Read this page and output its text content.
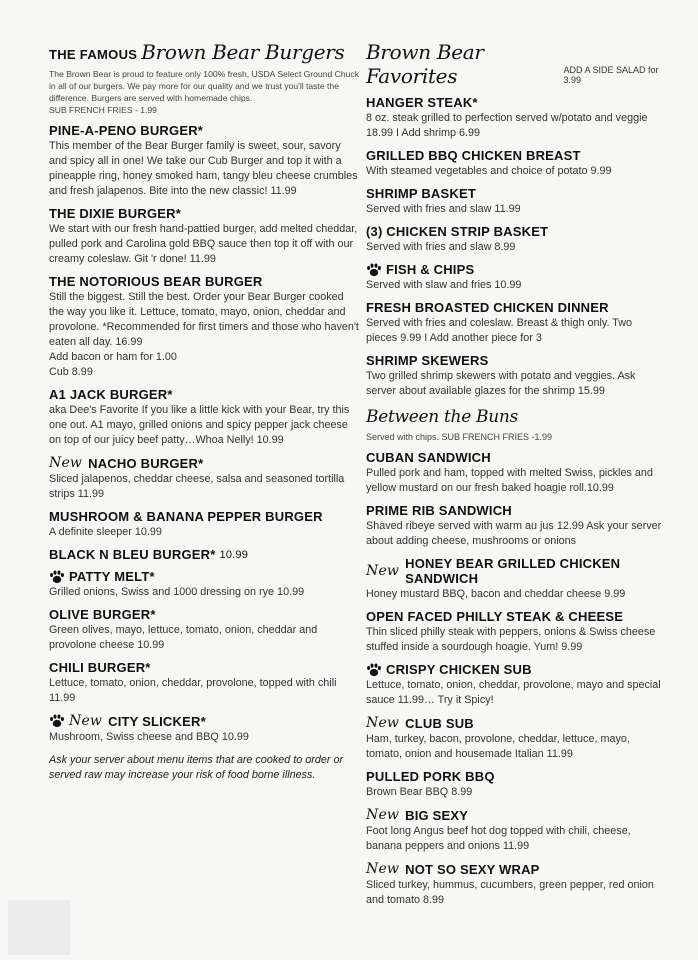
THE FAMOUS Brown Bear Burgers
The Brown Bear is proud to feature only 100% fresh, USDA Select Ground Chuck in all of our burgers. We pay more for our quality and we trust you'll taste the difference. Burgers are served with homemade chips.
SUB FRENCH FRIES - 1.99
PINE-A-PENO BURGER*
This member of the Bear Burger family is sweet, sour, savory and spicy all in one! We take our Cub Burger and top it with a pineapple ring, honey smoked ham, tangy bleu cheese crumbles and fresh jalapenos. Bite into the new classic! 11.99
THE DIXIE BURGER*
We start with our fresh hand-pattied burger, add melted cheddar, pulled pork and Carolina gold BBQ sauce then top it off with our creamy coleslaw. Git 'r done! 11.99
THE NOTORIOUS BEAR BURGER
Still the biggest. Still the best. Order your Bear Burger cooked the way you like it. Lettuce, tomato, mayo, onion, cheddar and provolone. *Recommended for first timers and those who haven't eaten all day. 16.99
Add bacon or ham for 1.00
Cub 8.99
A1 JACK BURGER*
aka Dee's Favorite If you like a little kick with your Bear, try this one out. A1 mayo, grilled onions and spicy pepper jack cheese on top of our juicy beef patty…Whoa Nelly! 10.99
New NACHO BURGER*
Sliced jalapenos, cheddar cheese, salsa and seasoned tortilla strips 11.99
MUSHROOM & BANANA PEPPER BURGER
A definite sleeper 10.99
BLACK N BLEU BURGER* 10.99
PATTY MELT*
Grilled onions, Swiss and 1000 dressing on rye 10.99
OLIVE BURGER*
Green olives, mayo, lettuce, tomato, onion, cheddar and provolone cheese 10.99
CHILI BURGER*
Lettuce, tomato, onion, cheddar, provolone, topped with chili 11.99
New CITY SLICKER*
Mushroom, Swiss cheese and BBQ 10.99
Ask your server about menu items that are cooked to order or served raw may increase your risk of food borne illness.
Brown Bear Favorites	ADD A SIDE SALAD for 3.99
HANGER STEAK*
8 oz. steak grilled to perfection served w/potato and veggie 18.99 I Add shrimp 6.99
GRILLED BBQ CHICKEN BREAST
With steamed vegetables and choice of potato 9.99
SHRIMP BASKET
Served with fries and slaw 11.99
(3) CHICKEN STRIP BASKET
Served with fries and slaw 8.99
FISH & CHIPS
Served with slaw and fries 10.99
FRESH BROASTED CHICKEN DINNER
Served with fries and coleslaw. Breast & thigh only. Two pieces 9.99 I Add another piece for 3
SHRIMP SKEWERS
Two grilled shrimp skewers with potato and veggies. Ask server about available glazes for the shrimp 15.99
Between the Buns
Served with chips. SUB FRENCH FRIES -1.99
CUBAN SANDWICH
Pulled pork and ham, topped with melted Swiss, pickles and yellow mustard on our fresh baked hoagie roll.10.99
PRIME RIB SANDWICH
Shaved ribeye served with warm au jus 12.99 Ask your server about adding cheese, mushrooms or onions
New HONEY BEAR GRILLED CHICKEN SANDWICH
Honey mustard BBQ, bacon and cheddar cheese 9.99
OPEN FACED PHILLY STEAK & CHEESE
Thin sliced philly steak with peppers, onions & Swiss cheese stuffed inside a sourdough hoagie. Yum! 9.99
CRISPY CHICKEN SUB
Lettuce, tomato, onion, cheddar, provolone, mayo and special sauce 11.99… Try it Spicy!
New CLUB SUB
Ham, turkey, bacon, provolone, cheddar, lettuce, mayo, tomato, onion and housemade Italian 11.99
PULLED PORK BBQ
Brown Bear BBQ 8.99
New BIG SEXY
Foot long Angus beef hot dog topped with chili, cheese, banana peppers and onions 11.99
New NOT SO SEXY WRAP
Sliced turkey, hummus, cucumbers, green pepper, red onion and tomato 8.99
